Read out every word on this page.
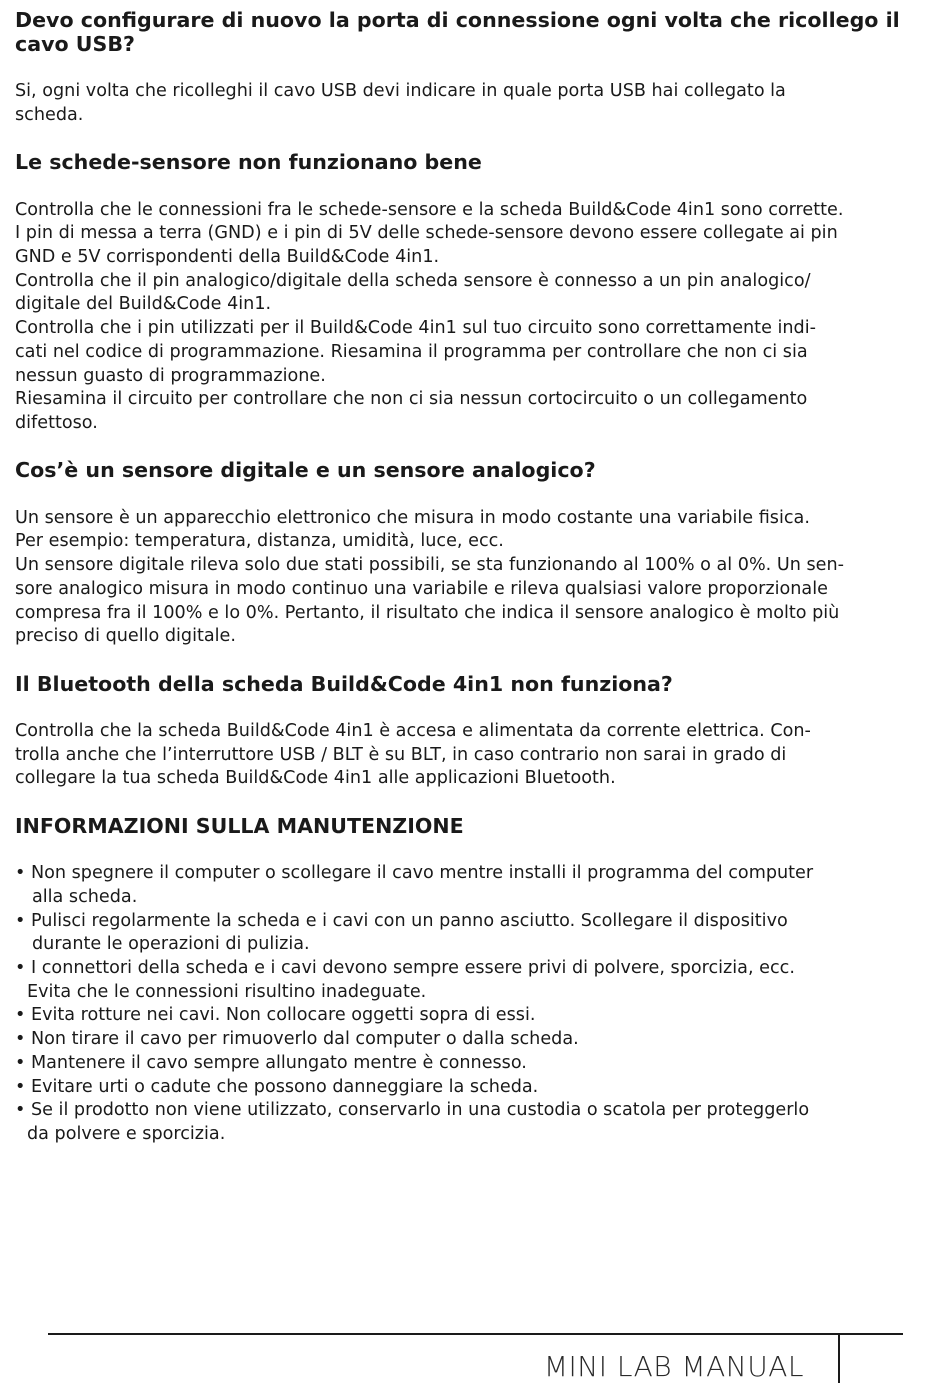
Devo configurare di nuovo la porta di connessione ogni volta che ricollego il cavo USB?

Si, ogni volta che ricolleghi il cavo USB devi indicare in quale porta USB hai collegato la

scheda.

Le schede-sensore non funzionano bene

Controlla che le connessioni fra le schede-sensore e la scheda Build&Code 4in1 sono corrette.

I pin di messa a terra (GND) e i pin di 5V delle schede-sensore devono essere collegate ai pin

GND e 5V corrispondenti della Build&Code 4in1.

Controlla che il pin analogico/digitale della scheda sensore è connesso a un pin analogico/

digitale del Build&Code 4in1.

Controlla che i pin utilizzati per il Build&Code 4in1 sul tuo circuito sono correttamente indi-

cati nel codice di programmazione. Riesamina il programma per controllare che non ci sia

nessun guasto di programmazione.

Riesamina il circuito per controllare che non ci sia nessun cortocircuito o un collegamento

difettoso.

Cos’è un sensore digitale e un sensore analogico?

Un sensore è un apparecchio elettronico che misura in modo costante una variabile fisica.

Per esempio: temperatura, distanza, umidità, luce, ecc.

Un sensore digitale rileva solo due stati possibili, se sta funzionando al 100% o al 0%. Un sen-

sore analogico misura in modo continuo una variabile e rileva qualsiasi valore proporzionale

compresa fra il 100% e lo 0%. Pertanto, il risultato che indica il sensore analogico è molto più

preciso di quello digitale.

Il Bluetooth della scheda Build&Code 4in1 non funziona?

Controlla che la scheda Build&Code 4in1 è accesa e alimentata da corrente elettrica. Con-

trolla anche che l’interruttore USB / BLT è su BLT, in caso contrario non sarai in grado di

collegare la tua scheda Build&Code 4in1 alle applicazioni Bluetooth.

INFORMAZIONI SULLA MANUTENZIONE
• Non spegnere il computer o scollegare il cavo mentre installi il programma del computer

alla scheda.
• Pulisci regolarmente la scheda e i cavi con un panno asciutto. Scollegare il dispositivo

durante le operazioni di pulizia.
• I connettori della scheda e i cavi devono sempre essere privi di polvere, sporcizia, ecc.

Evita che le connessioni risultino inadeguate.
• Evita rotture nei cavi. Non collocare oggetti sopra di essi.
• Non tirare il cavo per rimuoverlo dal computer o dalla scheda.
• Mantenere il cavo sempre allungato mentre è connesso.
• Evitare urti o cadute che possono danneggiare la scheda.
• Se il prodotto non viene utilizzato, conservarlo in una custodia o scatola per proteggerlo

da polvere e sporcizia.
MINI LAB MANUAL
